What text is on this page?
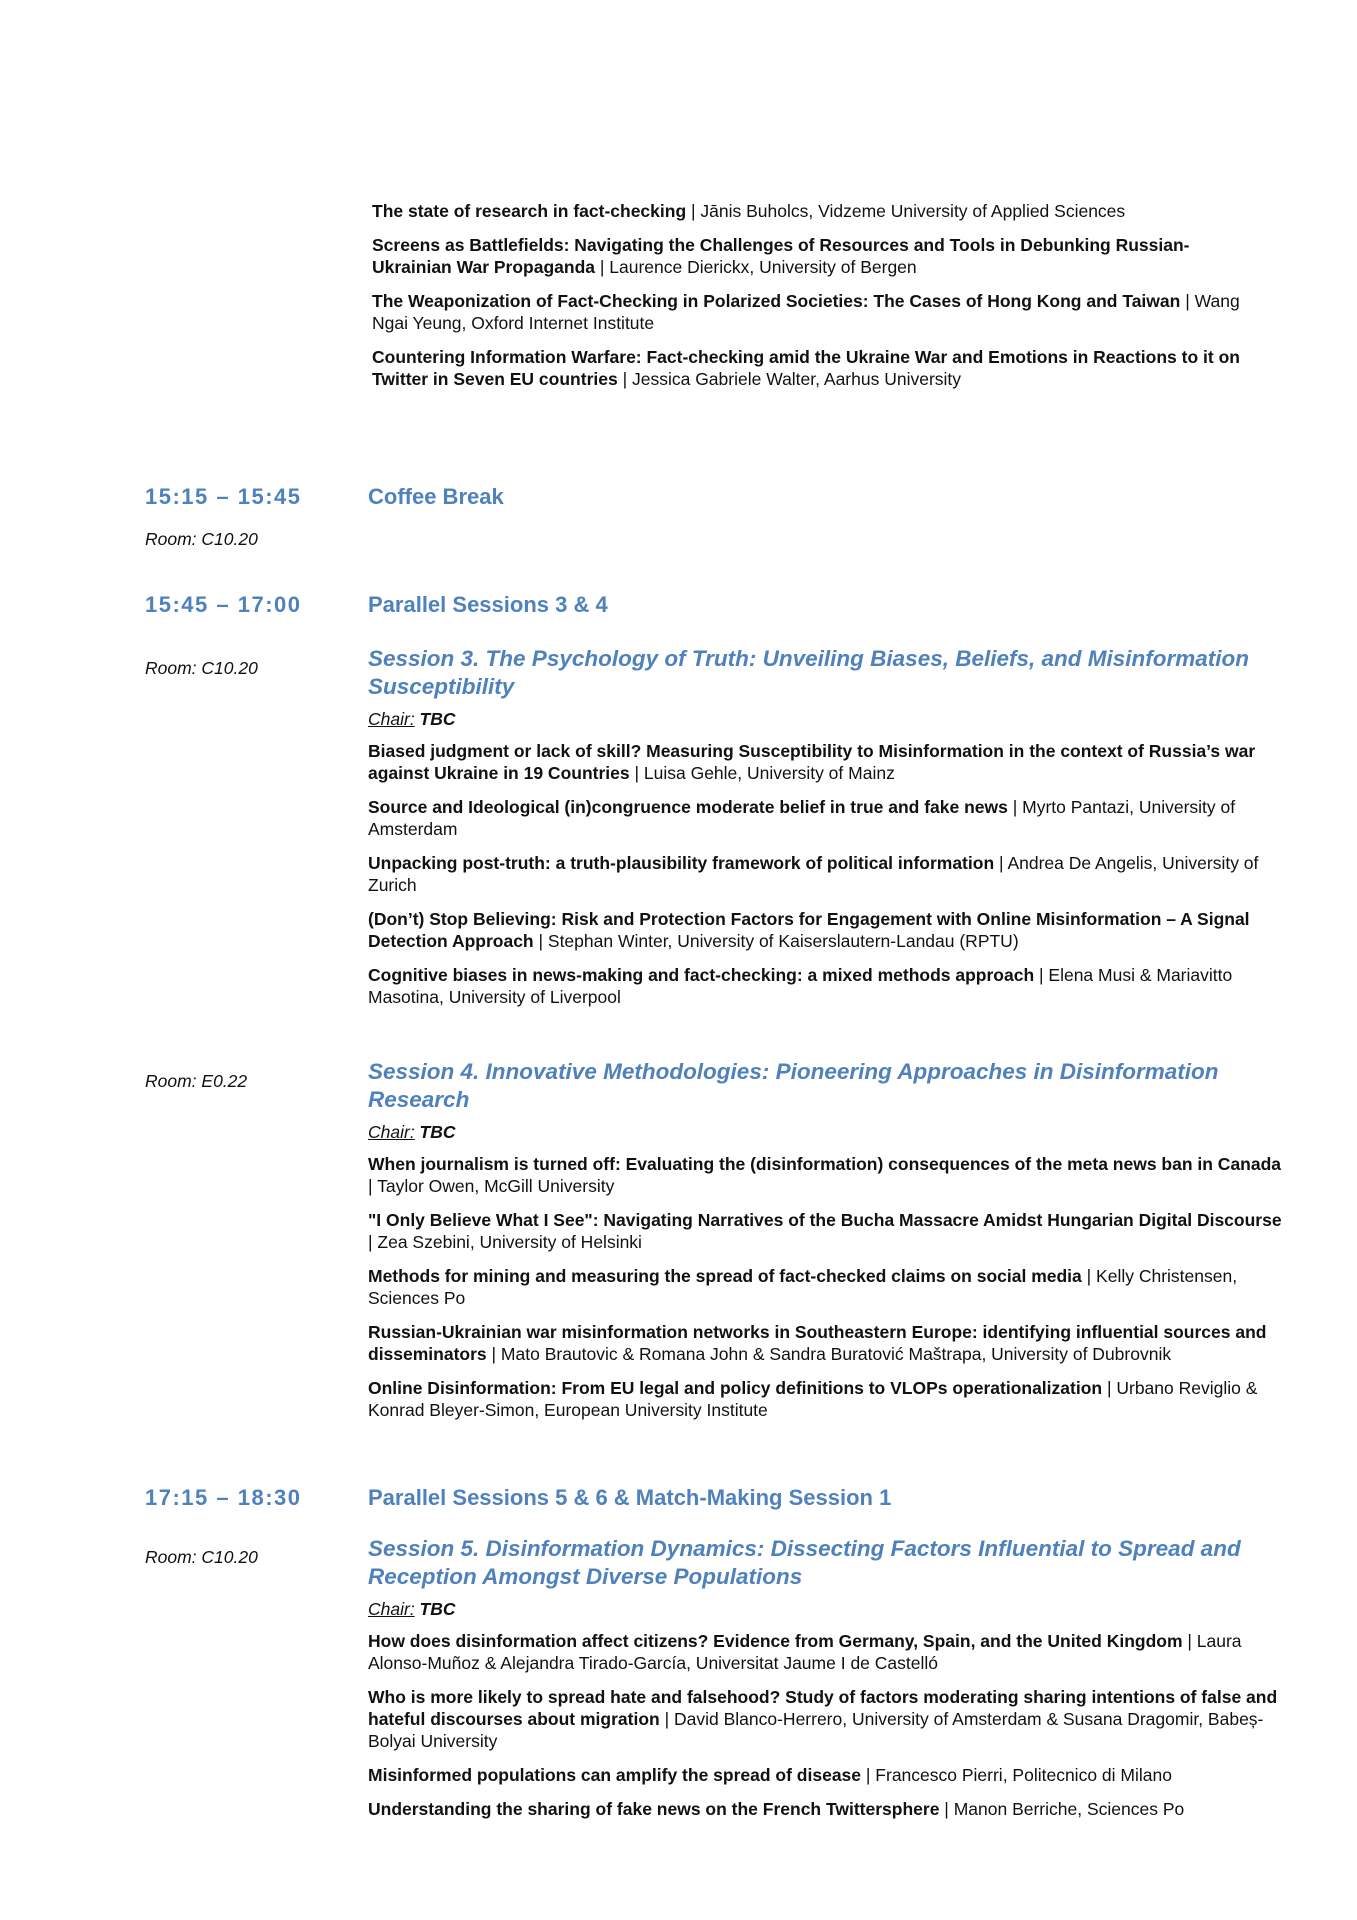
The state of research in fact-checking | Jānis Buholcs, Vidzeme University of Applied Sciences

Screens as Battlefields: Navigating the Challenges of Resources and Tools in Debunking Russian-Ukrainian War Propaganda | Laurence Dierickx, University of Bergen

The Weaponization of Fact-Checking in Polarized Societies: The Cases of Hong Kong and Taiwan | Wang Ngai Yeung, Oxford Internet Institute

Countering Information Warfare: Fact-checking amid the Ukraine War and Emotions in Reactions to it on Twitter in Seven EU countries | Jessica Gabriele Walter, Aarhus University

15:15 – 15:45	Coffee Break
Room: C10.20
15:45 – 17:00	Parallel Sessions 3 & 4
Room: C10.20	Session 3. The Psychology of Truth: Unveiling Biases, Beliefs, and Misinformation Susceptibility

Chair: TBC

Biased judgment or lack of skill? Measuring Susceptibility to Misinformation in the context of Russia’s war against Ukraine in 19 Countries | Luisa Gehle, University of Mainz

Source and Ideological (in)congruence moderate belief in true and fake news | Myrto Pantazi, University of Amsterdam

Unpacking post-truth: a truth-plausibility framework of political information | Andrea De Angelis, University of Zurich

(Don’t) Stop Believing: Risk and Protection Factors for Engagement with Online Misinformation – A Signal Detection Approach | Stephan Winter, University of Kaiserslautern-Landau (RPTU)

Cognitive biases in news-making and fact-checking: a mixed methods approach | Elena Musi & Mariavitto Masotina, University of Liverpool

Room: E0.22	Session 4. Innovative Methodologies: Pioneering Approaches in Disinformation Research

Chair: TBC

When journalism is turned off: Evaluating the (disinformation) consequences of the meta news ban in Canada | Taylor Owen, McGill University

"I Only Believe What I See": Navigating Narratives of the Bucha Massacre Amidst Hungarian Digital Discourse | Zea Szebini, University of Helsinki

Methods for mining and measuring the spread of fact-checked claims on social media | Kelly Christensen, Sciences Po

Russian-Ukrainian war misinformation networks in Southeastern Europe: identifying influential sources and disseminators | Mato Brautovic & Romana John & Sandra Buratović Maštrapa, University of Dubrovnik

Online Disinformation: From EU legal and policy definitions to VLOPs operationalization | Urbano Reviglio & Konrad Bleyer-Simon, European University Institute

17:15 – 18:30	Parallel Sessions 5 & 6 & Match-Making Session 1
Room: C10.20	Session 5. Disinformation Dynamics: Dissecting Factors Influential to Spread and Reception Amongst Diverse Populations

Chair: TBC

How does disinformation affect citizens? Evidence from Germany, Spain, and the United Kingdom | Laura Alonso-Muñoz & Alejandra Tirado-García, Universitat Jaume I de Castelló

Who is more likely to spread hate and falsehood? Study of factors moderating sharing intentions of false and hateful discourses about migration | David Blanco-Herrero, University of Amsterdam & Susana Dragomir, Babeș-Bolyai University

Misinformed populations can amplify the spread of disease | Francesco Pierri, Politecnico di Milano

Understanding the sharing of fake news on the French Twittersphere | Manon Berriche, Sciences Po
